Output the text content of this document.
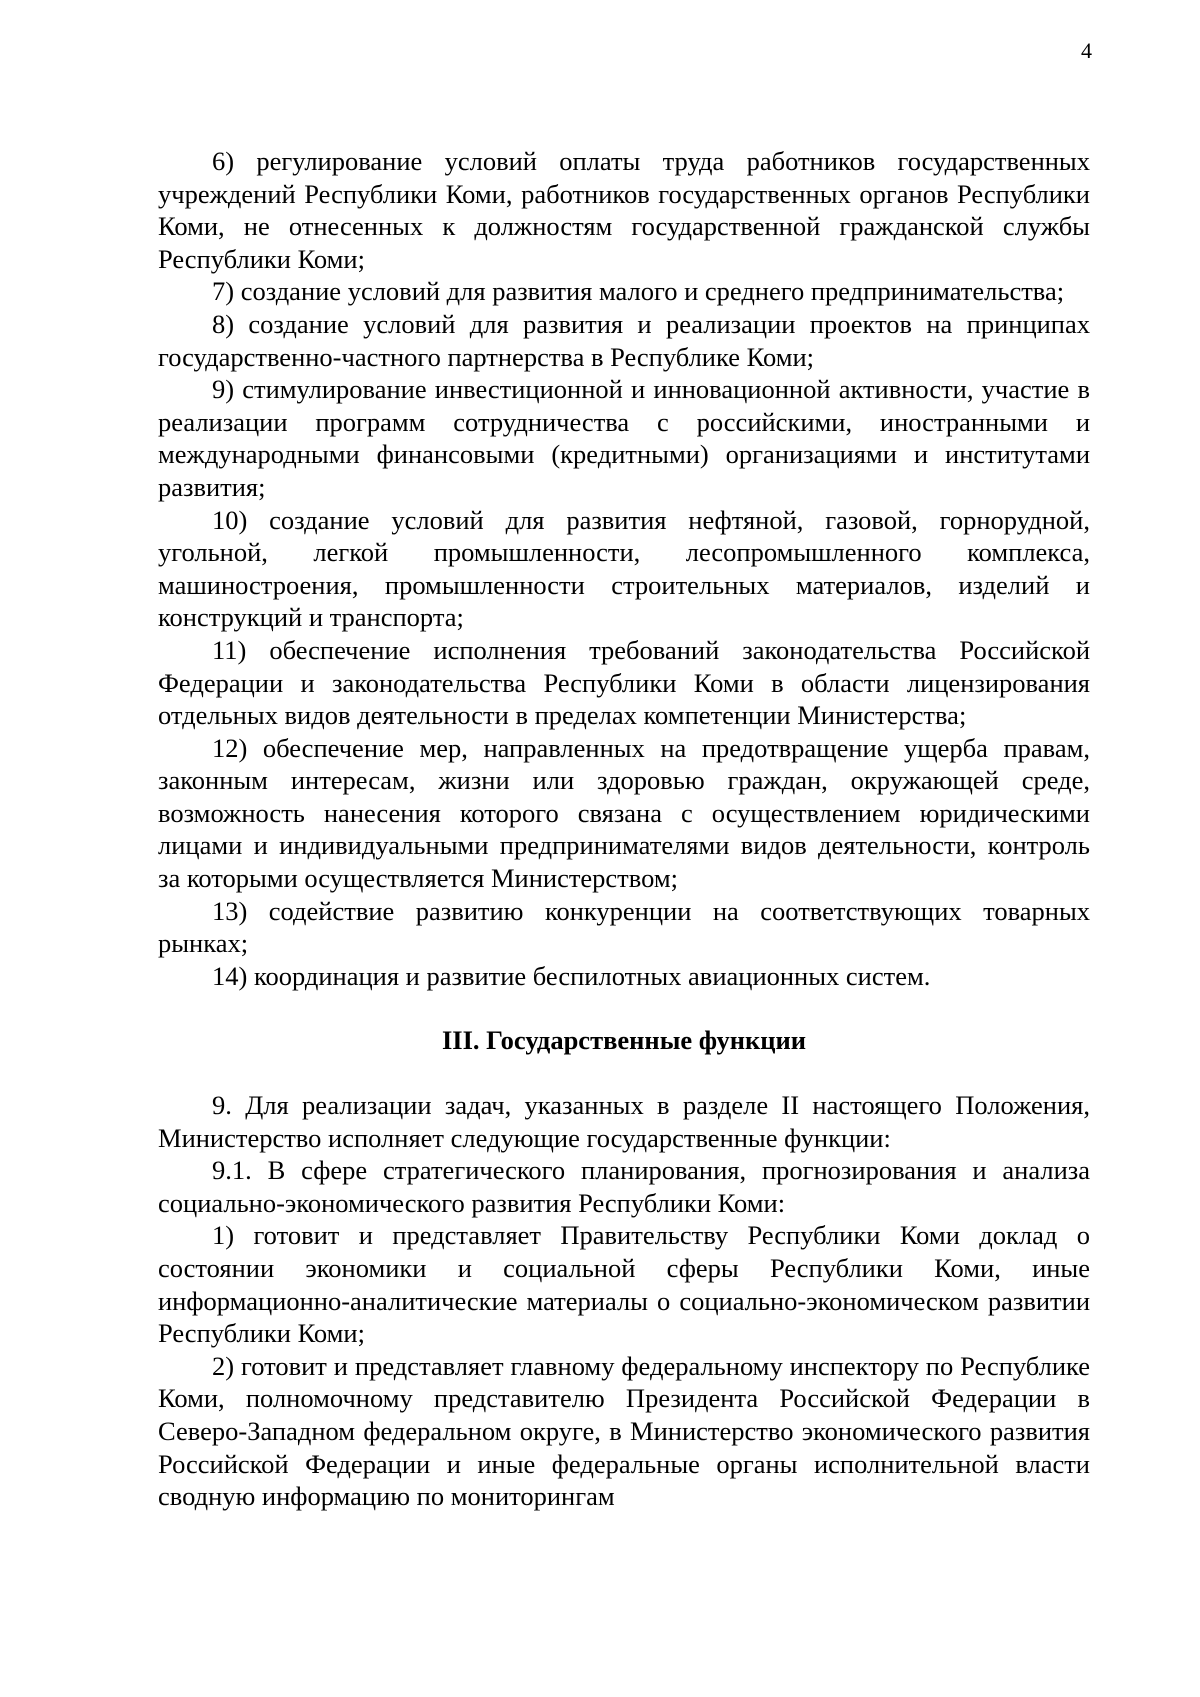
4

6) регулирование условий оплаты труда работников государственных учреждений Республики Коми, работников государственных органов Республики Коми, не отнесенных к должностям государственной гражданской службы Республики Коми;

7) создание условий для развития малого и среднего предпринимательства;

8) создание условий для развития и реализации проектов на принципах государственно-частного партнерства в Республике Коми;

9) стимулирование инвестиционной и инновационной активности, участие в реализации программ сотрудничества с российскими, иностранными и международными финансовыми (кредитными) организациями и институтами развития;

10) создание условий для развития нефтяной, газовой, горнорудной, угольной, легкой промышленности, лесопромышленного комплекса, машиностроения, промышленности строительных материалов, изделий и конструкций и транспорта;

11) обеспечение исполнения требований законодательства Российской Федерации и законодательства Республики Коми в области лицензирования отдельных видов деятельности в пределах компетенции Министерства;

12) обеспечение мер, направленных на предотвращение ущерба правам, законным интересам, жизни или здоровью граждан, окружающей среде, возможность нанесения которого связана с осуществлением юридическими лицами и индивидуальными предпринимателями видов деятельности, контроль за которыми осуществляется Министерством;

13) содействие развитию конкуренции на соответствующих товарных рынках;

14) координация и развитие беспилотных авиационных систем.

III. Государственные функции

9. Для реализации задач, указанных в разделе II настоящего Положения, Министерство исполняет следующие государственные функции:

9.1. В сфере стратегического планирования, прогнозирования и анализа социально-экономического развития Республики Коми:

1) готовит и представляет Правительству Республики Коми доклад о состоянии экономики и социальной сферы Республики Коми, иные информационно-аналитические материалы о социально-экономическом развитии Республики Коми;

2) готовит и представляет главному федеральному инспектору по Республике Коми, полномочному представителю Президента Российской Федерации в Северо-Западном федеральном округе, в Министерство экономического развития Российской Федерации и иные федеральные органы исполнительной власти сводную информацию по мониторингам
